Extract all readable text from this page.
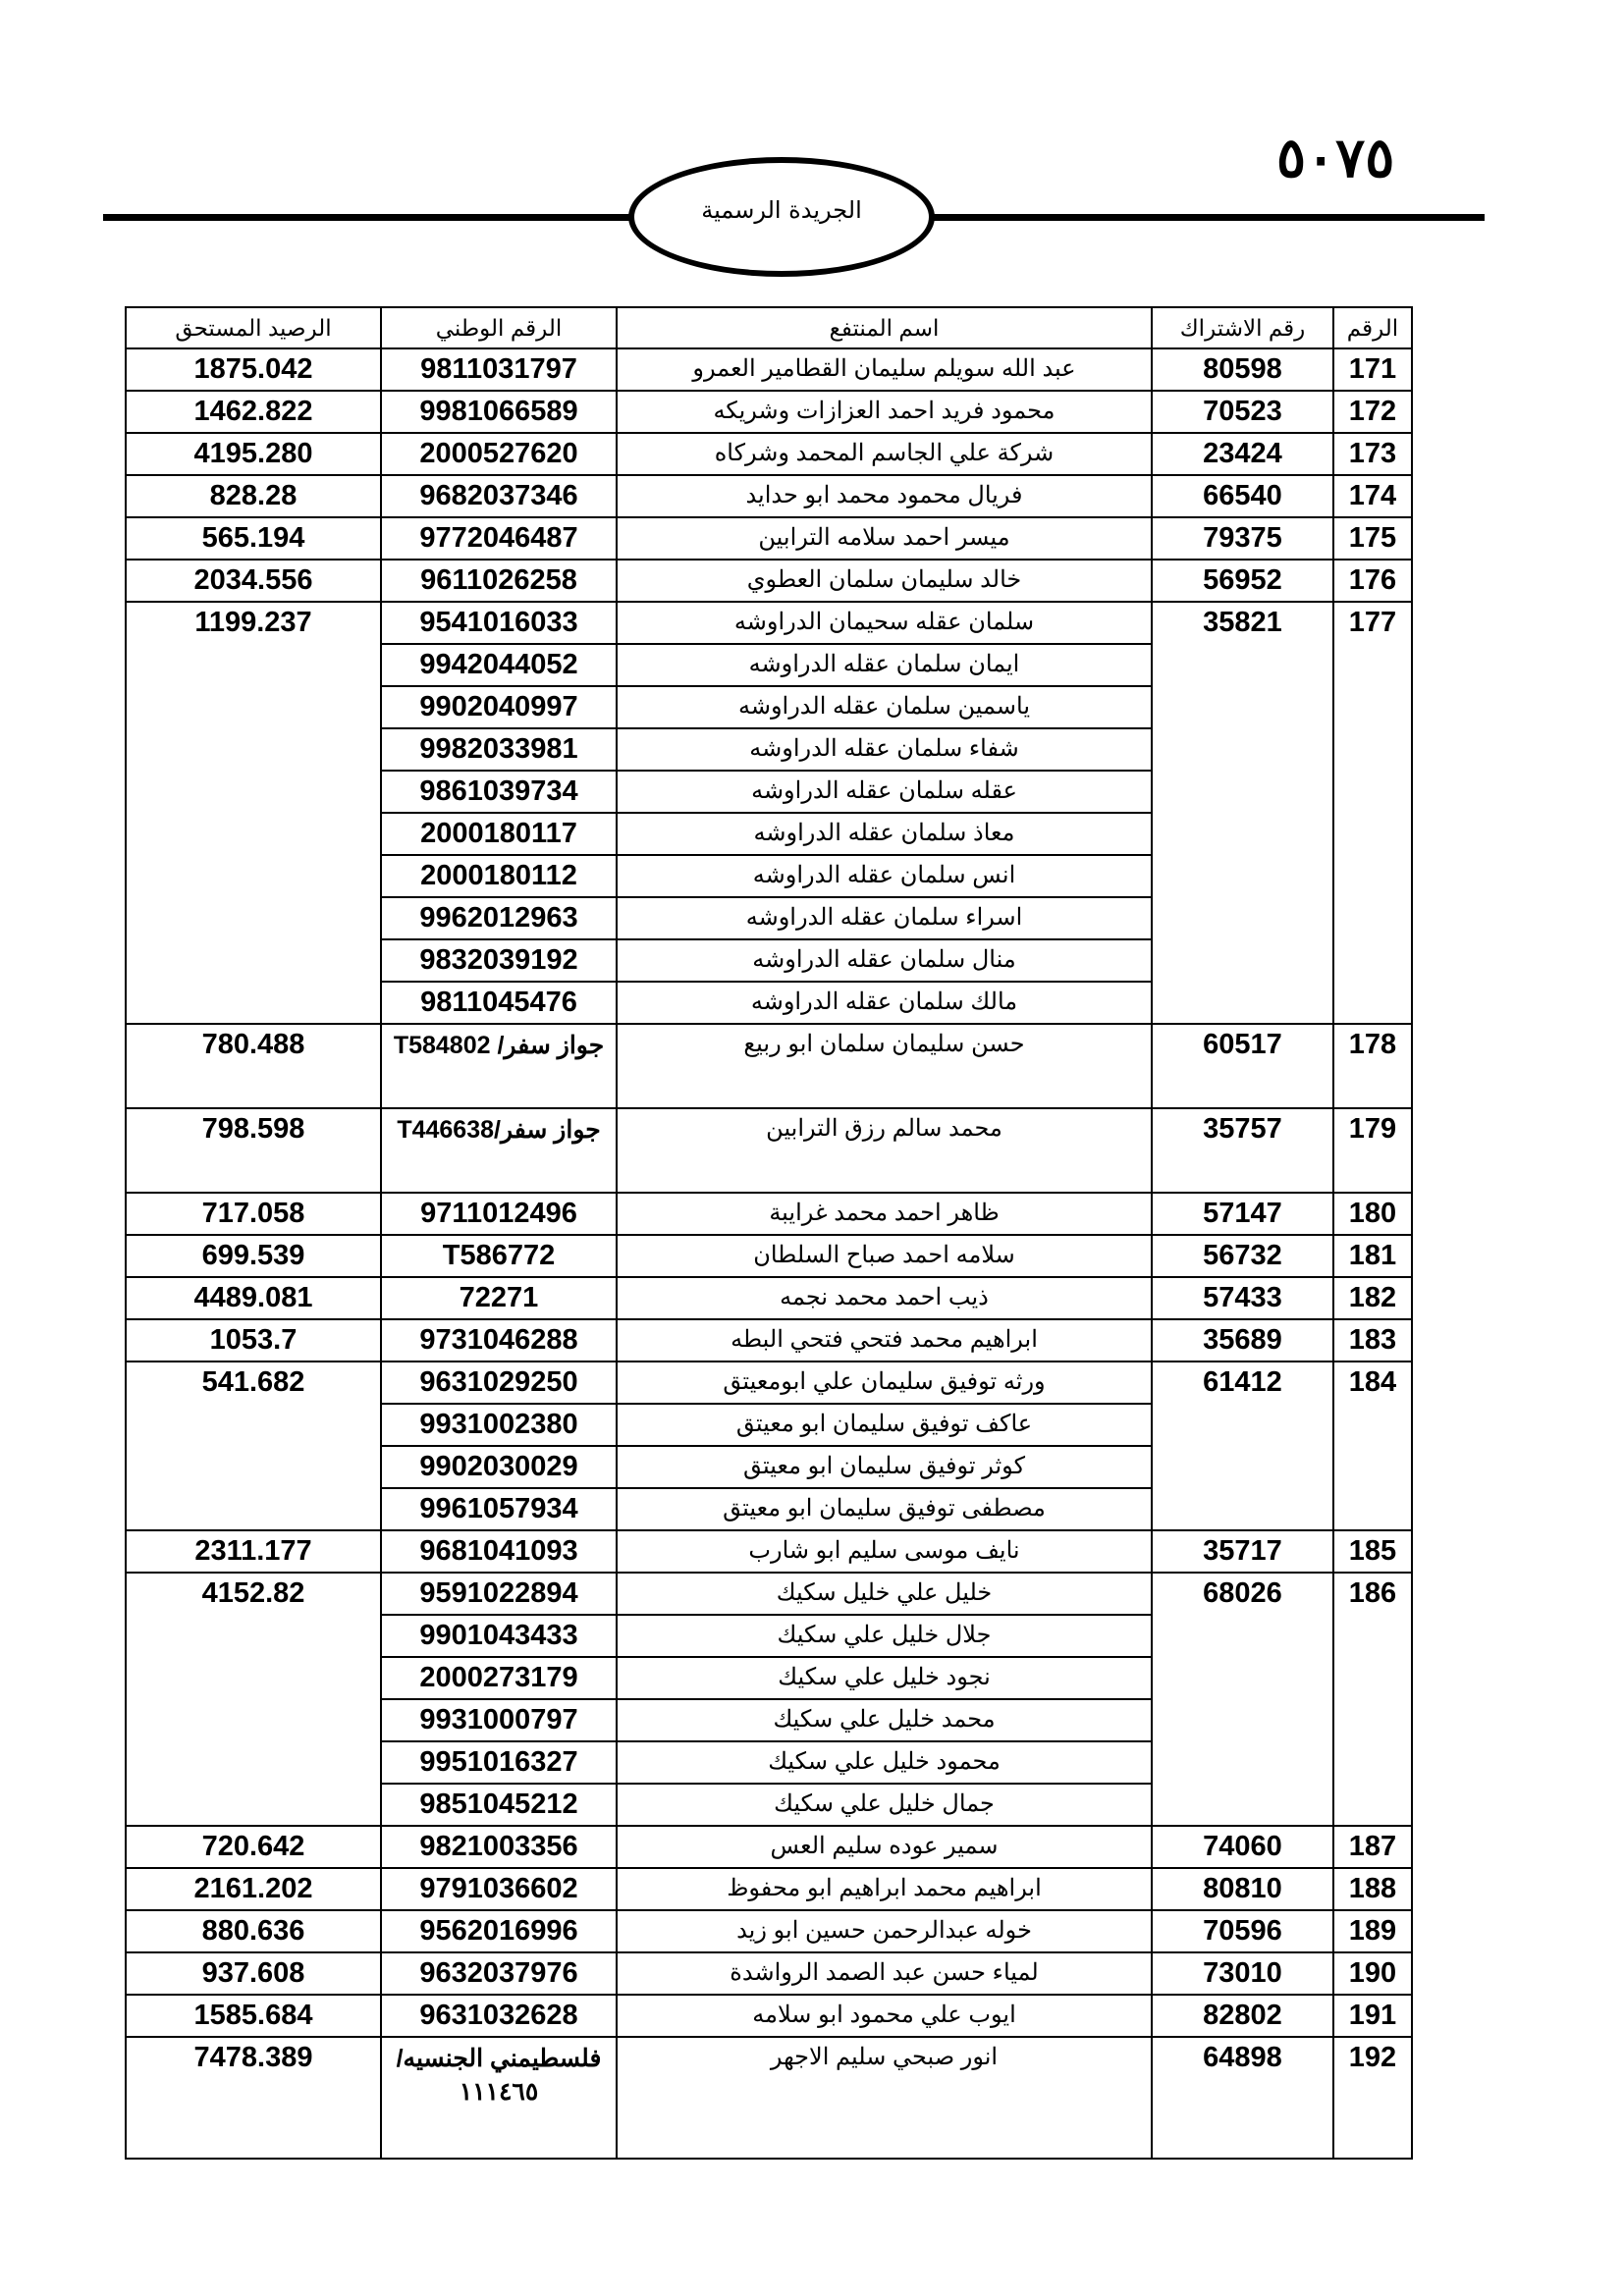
الجريدة الرسمية
٥٠٧٥
الرقم	رقم الاشتراك	اسم المنتفع	الرقم الوطني	الرصيد المستحق
171	80598	عبد الله سويلم سليمان القطامير العمرو	9811031797	1875.042
172	70523	محمود فريد احمد العزازات وشريكه	9981066589	1462.822
173	23424	شركة علي الجاسم المحمد وشركاه	2000527620	4195.280
174	66540	فريال محمود محمد ابو حدايد	9682037346	828.28
175	79375	ميسر احمد سلامه الترابين	9772046487	565.194
176	56952	خالد سليمان سلمان العطوي	9611026258	2034.556
177	35821	سلمان عقله سحيمان الدراوشه	9541016033	1199.237
		ايمان سلمان عقله الدراوشه	9942044052	
		ياسمين سلمان عقله الدراوشه	9902040997	
		شفاء سلمان عقله الدراوشه	9982033981	
		عقله سلمان عقله الدراوشه	9861039734	
		معاذ سلمان عقله الدراوشه	2000180117	
		انس سلمان عقله الدراوشه	2000180112	
		اسراء سلمان عقله الدراوشه	9962012963	
		منال سلمان عقله الدراوشه	9832039192	
		مالك سلمان عقله الدراوشه	9811045476	
178	60517	حسن سليمان سلمان ابو ربيع	جواز سفر/ T584802	780.488
179	35757	محمد سالم رزق الترابين	جواز سفر/T446638	798.598
180	57147	ظاهر احمد محمد غرايبة	9711012496	717.058
181	56732	سلامه احمد صباح السلطان	T586772	699.539
182	57433	ذيب احمد محمد نجمه	72271	4489.081
183	35689	ابراهيم محمد فتحي فتحي البطه	9731046288	1053.7
184	61412	ورثه توفيق سليمان علي ابومعيتق	9631029250	541.682
		عاكف توفيق سليمان ابو معيتق	9931002380	
		كوثر توفيق سليمان ابو معيتق	9902030029	
		مصطفى توفيق سليمان ابو معيتق	9961057934	
185	35717	نايف موسى سليم ابو شارب	9681041093	2311.177
186	68026	خليل علي خليل سكيك	9591022894	4152.82
		جلال خليل علي سكيك	9901043433	
		نجود خليل علي سكيك	2000273179	
		محمد خليل علي سكيك	9931000797	
		محمود خليل علي سكيك	9951016327	
		جمال خليل علي سكيك	9851045212	
187	74060	سمير عوده سليم العس	9821003356	720.642
188	80810	ابراهيم محمد ابراهيم ابو محفوظ	9791036602	2161.202
189	70596	خوله عبدالرحمن حسين ابو زيد	9562016996	880.636
190	73010	لمياء حسن عبد الصمد الرواشدة	9632037976	937.608
191	82802	ايوب علي محمود ابو سلامه	9631032628	1585.684
192	64898	انور صبحي سليم الاجهر	فلسطيمني الجنسيه/١١١٤٦٥	7478.389
